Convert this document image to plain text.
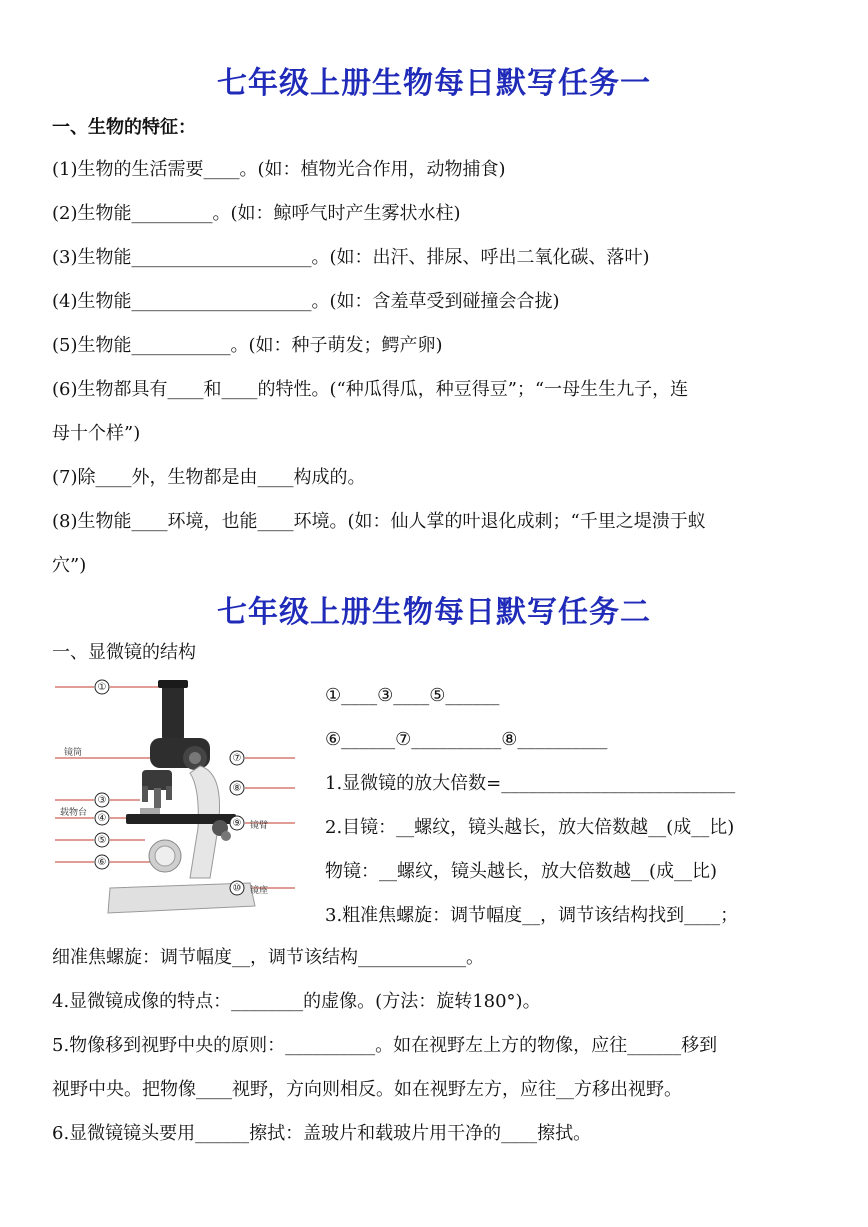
七年级上册生物每日默写任务一
一、生物的特征：
(1)生物的生活需要____。(如：植物光合作用，动物捕食)
(2)生物能_________。(如：鲸呼气时产生雾状水柱)
(3)生物能____________________。(如：出汗、排尿、呼出二氧化碳、落叶)
(4)生物能____________________。(如：含羞草受到碰撞会合拢)
(5)生物能___________。(如：种子萌发；鳄产卵)
(6)生物都具有____和____的特性。(“种瓜得瓜，种豆得豆”；“一母生生九子，连
母十个样”)
(7)除____外，生物都是由____构成的。
(8)生物能____环境，也能____环境。(如：仙人掌的叶退化成刺；“千里之堤溃于蚁
穴”)
七年级上册生物每日默写任务二
一、显微镜的结构
①
③
④
⑤
⑥
⑦
⑧
⑨
⑩
镜筒
载物台
镜臂
镜座
①____③____⑤______
⑥______⑦__________⑧__________
1.显微镜的放大倍数=__________________________
2.目镜：__螺纹，镜头越长，放大倍数越__(成__比)
物镜：__螺纹，镜头越长，放大倍数越__(成__比)
3.粗准焦螺旋：调节幅度__，调节该结构找到____；
细准焦螺旋：调节幅度__，调节该结构____________。
4.显微镜成像的特点：________的虚像。(方法：旋转180°)。
5.物像移到视野中央的原则：__________。如在视野左上方的物像，应往______移到
视野中央。把物像____视野，方向则相反。如在视野左方，应往__方移出视野。
6.显微镜镜头要用______擦拭：盖玻片和载玻片用干净的____擦拭。
